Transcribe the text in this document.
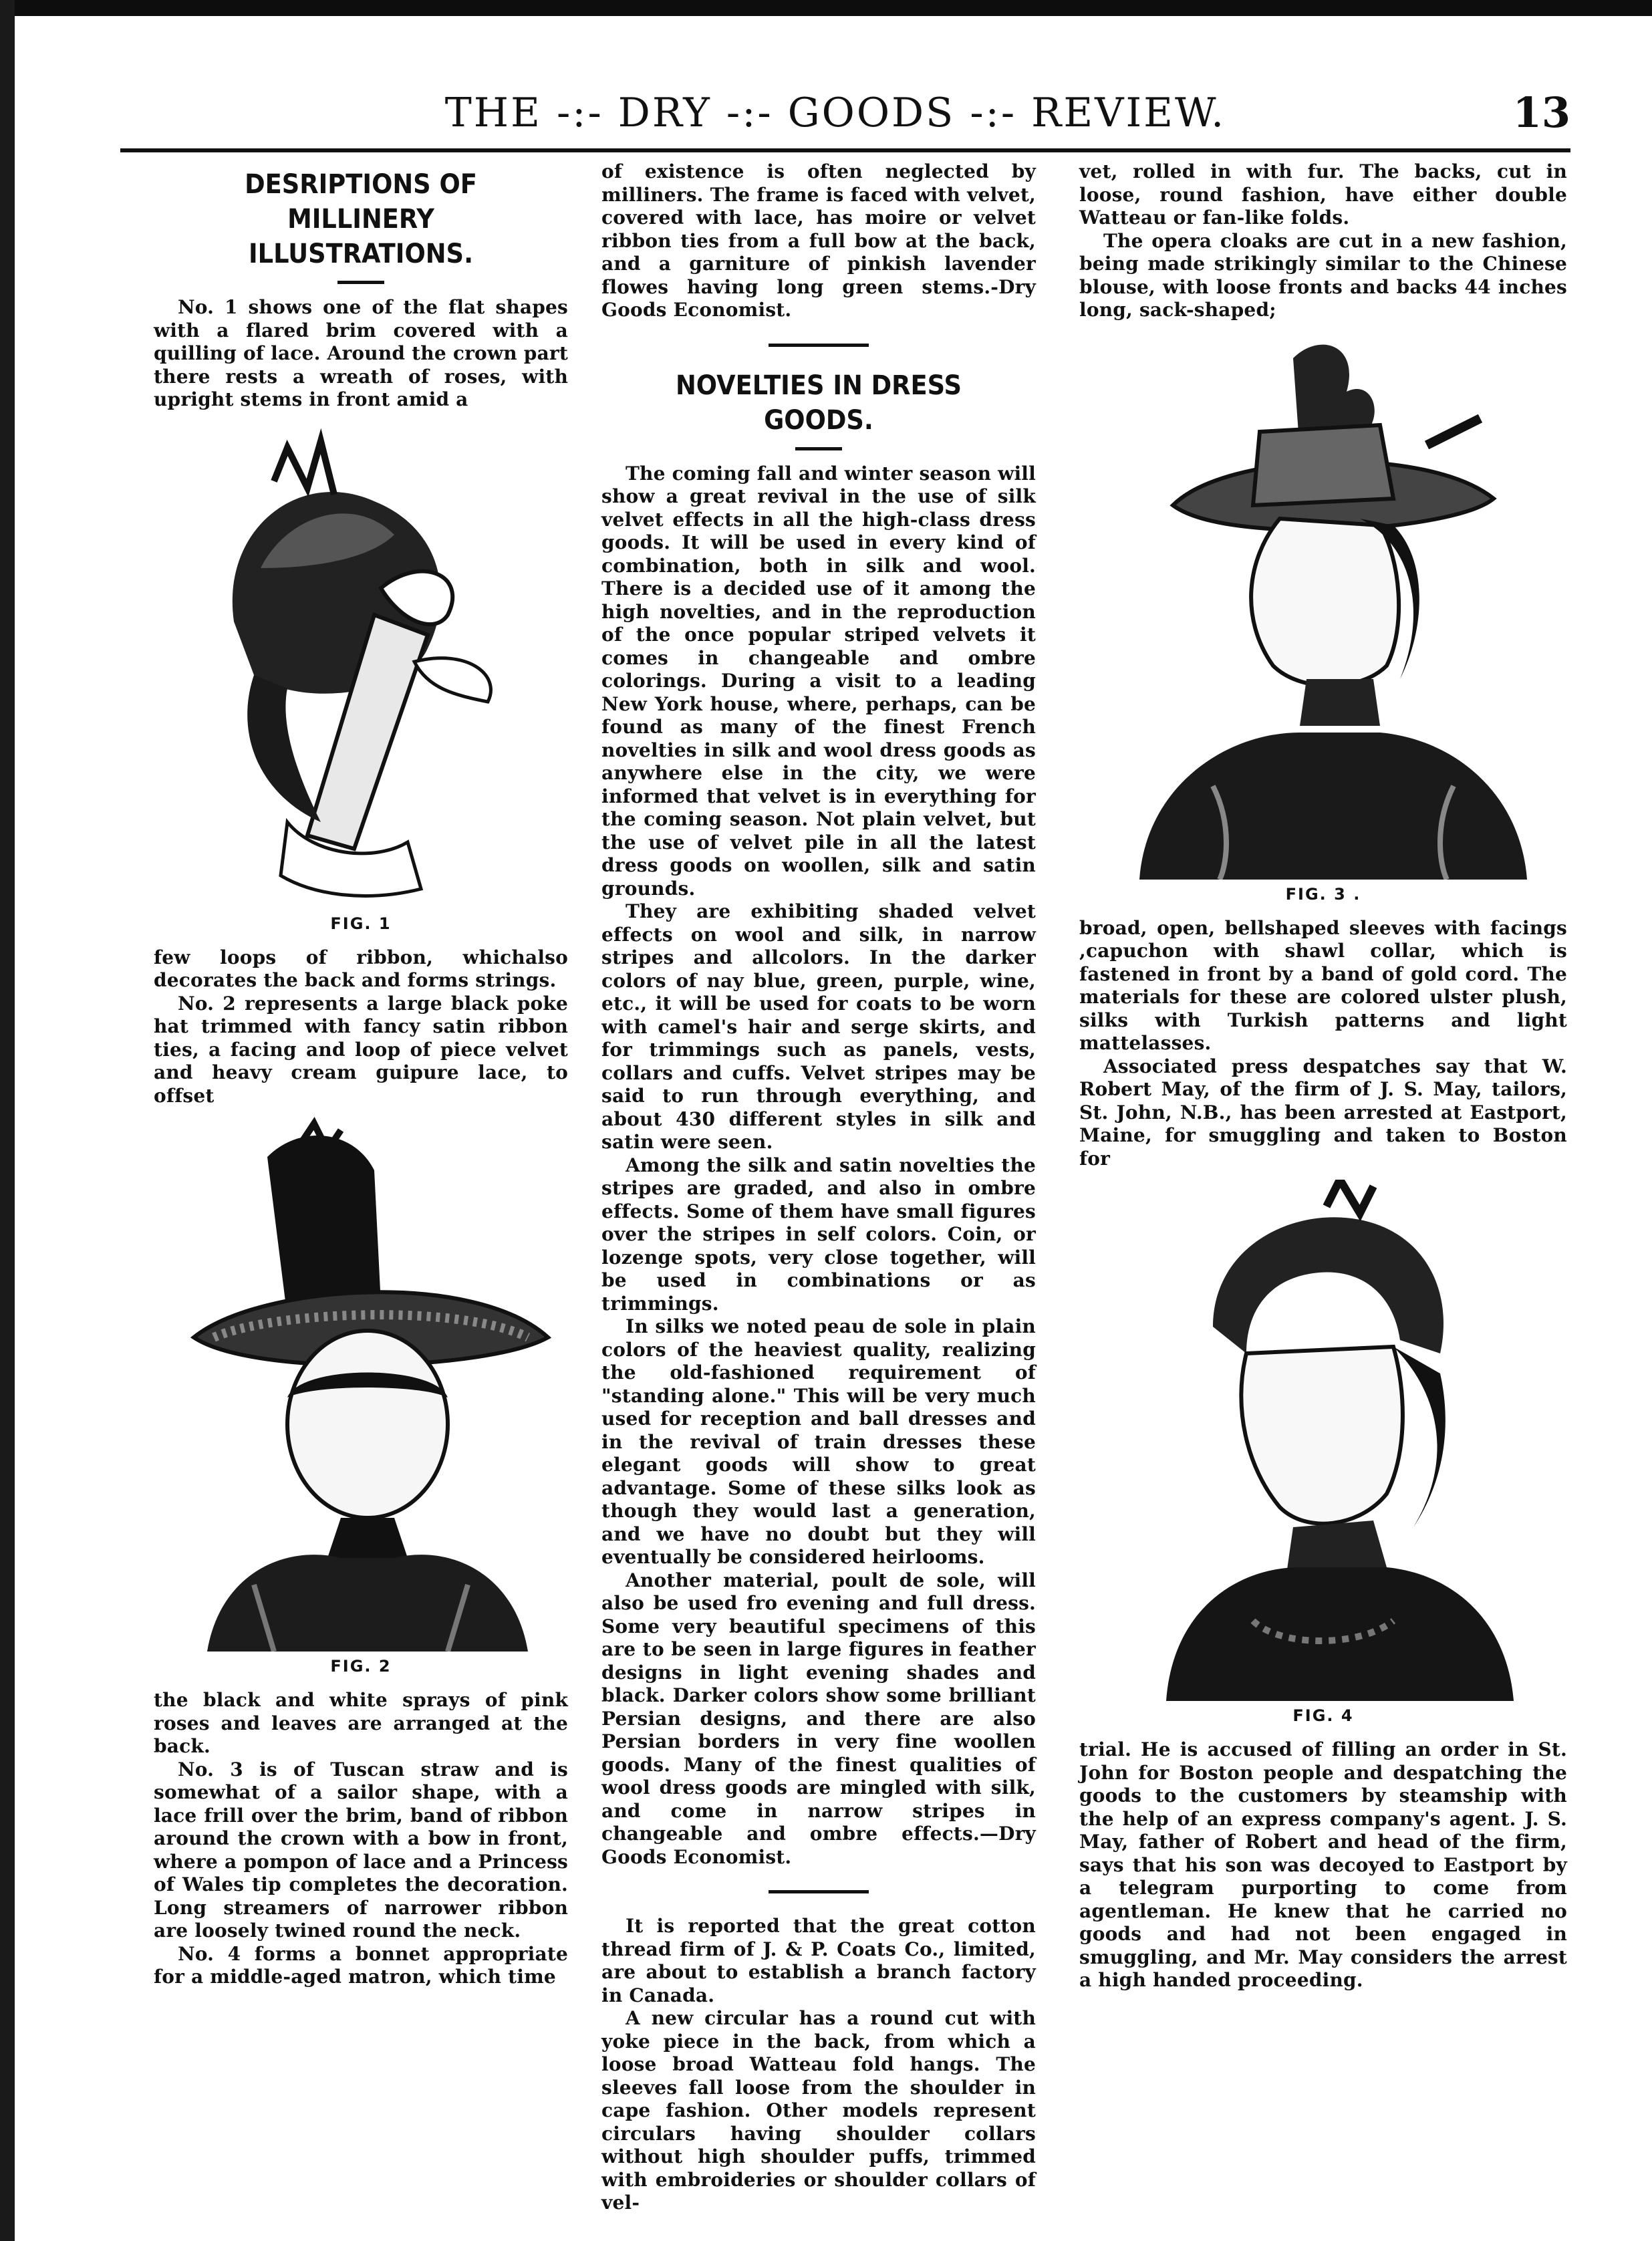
THE -:- DRY -:- GOODS -:- REVIEW.	13
DESRIPTIONS OF MILLINERY
ILLUSTRATIONS.

No. 1 shows one of the flat shapes with a flared brim covered with a quilling of lace. Around the crown part there rests a wreath of roses, with upright stems in front amid a

FIG. 1

few loops of ribbon, whichalso decorates the back and forms strings.

No. 2 represents a large black poke hat trimmed with fancy satin ribbon ties, a facing and loop of piece velvet and heavy cream guipure lace, to offset

FIG. 2

the black and white sprays of pink roses and leaves are arranged at the back.

No. 3 is of Tuscan straw and is somewhat of a sailor shape, with a lace frill over the brim, band of ribbon around the crown with a bow in front, where a pompon of lace and a Princess of Wales tip completes the decoration. Long streamers of narrower ribbon are loosely twined round the neck.

No. 4 forms a bonnet appropriate for a middle-aged matron, which time

of existence is often neglected by milliners. The frame is faced with velvet, covered with lace, has moire or velvet ribbon ties from a full bow at the back, and a garniture of pinkish lavender flowes having long green stems.-Dry Goods Economist.

NOVELTIES IN DRESS GOODS.

The coming fall and winter season will show a great revival in the use of silk velvet effects in all the high-class dress goods. It will be used in every kind of combination, both in silk and wool. There is a decided use of it among the high novelties, and in the reproduction of the once popular striped velvets it comes in changeable and ombre colorings. During a visit to a leading New York house, where, perhaps, can be found as many of the finest French novelties in silk and wool dress goods as anywhere else in the city, we were informed that velvet is in everything for the coming season. Not plain velvet, but the use of velvet pile in all the latest dress goods on woollen, silk and satin grounds.

They are exhibiting shaded velvet effects on wool and silk, in narrow stripes and allcolors. In the darker colors of nay blue, green, purple, wine, etc., it will be used for coats to be worn with camel's hair and serge skirts, and for trimmings such as panels, vests, collars and cuffs. Velvet stripes may be said to run through everything, and about 430 different styles in silk and satin were seen.

Among the silk and satin novelties the stripes are graded, and also in ombre effects. Some of them have small figures over the stripes in self colors. Coin, or lozenge spots, very close together, will be used in combinations or as trimmings.

In silks we noted peau de sole in plain colors of the heaviest quality, realizing the old-fashioned requirement of "standing alone." This will be very much used for reception and ball dresses and in the revival of train dresses these elegant goods will show to great advantage. Some of these silks look as though they would last a generation, and we have no doubt but they will eventually be considered heirlooms.

Another material, poult de sole, will also be used fro evening and full dress. Some very beautiful specimens of this are to be seen in large figures in feather designs in light evening shades and black. Darker colors show some brilliant Persian designs, and there are also Persian borders in very fine woollen goods. Many of the finest qualities of wool dress goods are mingled with silk, and come in narrow stripes in changeable and ombre effects.—Dry Goods Economist.

It is reported that the great cotton thread firm of J. & P. Coats Co., limited, are about to establish a branch factory in Canada.

A new circular has a round cut with yoke piece in the back, from which a loose broad Watteau fold hangs. The sleeves fall loose from the shoulder in cape fashion. Other models represent circulars having shoulder collars without high shoulder puffs, trimmed with embroideries or shoulder collars of vel-

vet, rolled in with fur. The backs, cut in loose, round fashion, have either double Watteau or fan-like folds.

The opera cloaks are cut in a new fashion, being made strikingly similar to the Chinese blouse, with loose fronts and backs 44 inches long, sack-shaped;

FIG. 3 .

broad, open, bellshaped sleeves with facings ,capuchon with shawl collar, which is fastened in front by a band of gold cord. The materials for these are colored ulster plush, silks with Turkish patterns and light mattelasses.

Associated press despatches say that W. Robert May, of the firm of J. S. May, tailors, St. John, N.B., has been arrested at Eastport, Maine, for smuggling and taken to Boston for

FIG. 4

trial. He is accused of filling an order in St. John for Boston people and despatching the goods to the customers by steamship with the help of an express company's agent. J. S. May, father of Robert and head of the firm, says that his son was decoyed to Eastport by a telegram purporting to come from agentleman. He knew that he carried no goods and had not been engaged in smuggling, and Mr. May considers the arrest a high handed proceeding.
